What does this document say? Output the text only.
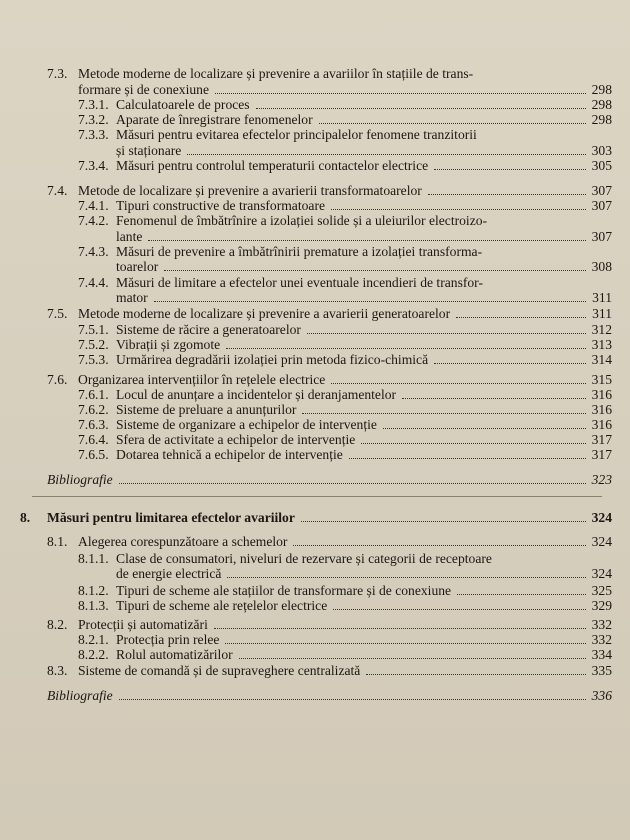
7.3. Metode moderne de localizare și prevenire a avariilor în stațiile de trans-
formare și de conexiune	298
7.3.1. Calculatoarele de proces	298
7.3.2. Aparate de înregistrare fenomenelor	298
7.3.3. Măsuri pentru evitarea efectelor principalelor fenomene tranzitorii
și staționare	303
7.3.4. Măsuri pentru controlul temperaturii contactelor electrice	305
7.4. Metode de localizare și prevenire a avarierii transformatoarelor	307
7.4.1. Tipuri constructive de transformatoare	307
7.4.2. Fenomenul de îmbătrînire a izolației solide și a uleiurilor electroizo-
lante	307
7.4.3. Măsuri de prevenire a îmbătrînirii premature a izolației transforma-
toarelor	308
7.4.4. Măsuri de limitare a efectelor unei eventuale incendieri de transfor-
mator	311
7.5. Metode moderne de localizare și prevenire a avarierii generatoarelor	311
7.5.1. Sisteme de răcire a generatoarelor	312
7.5.2. Vibrații și zgomote	313
7.5.3. Urmărirea degradării izolației prin metoda fizico-chimică	314
7.6. Organizarea intervențiilor în rețelele electrice	315
7.6.1. Locul de anunțare a incidentelor și deranjamentelor	316
7.6.2. Sisteme de preluare a anunțurilor	316
7.6.3. Sisteme de organizare a echipelor de intervenție	316
7.6.4. Sfera de activitate a echipelor de intervenție	317
7.6.5. Dotarea tehnică a echipelor de intervenție	317
Bibliografie	323
8. Măsuri pentru limitarea efectelor avariilor	324
8.1. Alegerea corespunzătoare a schemelor	324
8.1.1. Clase de consumatori, niveluri de rezervare și categorii de receptoare
de energie electrică	324
8.1.2. Tipuri de scheme ale stațiilor de transformare și de conexiune	325
8.1.3. Tipuri de scheme ale rețelelor electrice	329
8.2. Protecții și automatizări	332
8.2.1. Protecția prin relee	332
8.2.2. Rolul automatizărilor	334
8.3. Sisteme de comandă și de supraveghere centralizată	335
Bibliografie	336
